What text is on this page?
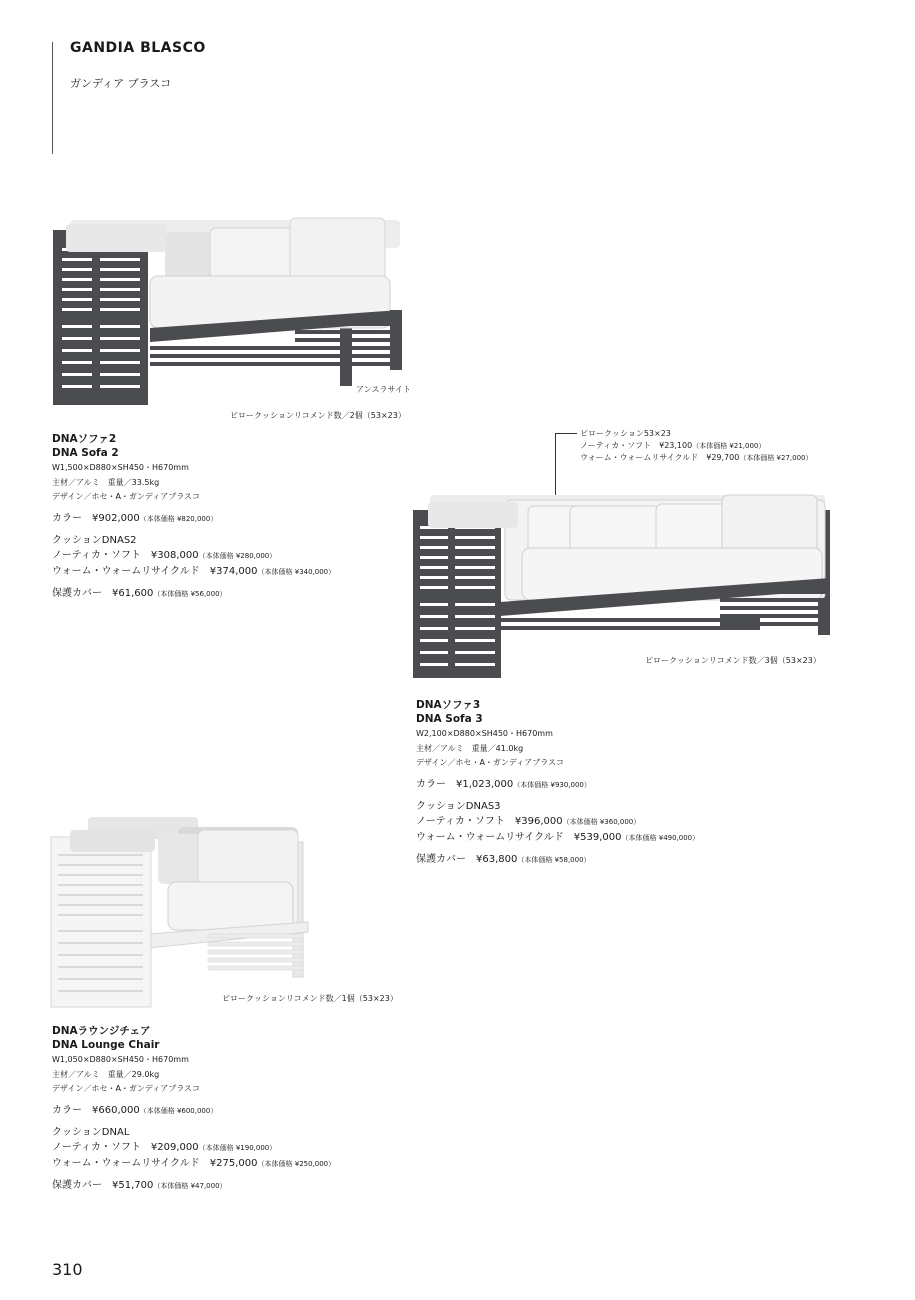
GANDIA BLASCO
ガンディア ブラスコ
アンスラサイト
ピロークッションリコメンド数／2個（53×23）
DNAソファ2
DNA Sofa 2
W1,500×D880×SH450・H670mm
主材／アルミ　重量／33.5kg
デザイン／ホセ・A・ガンディアブラスコ
カラー　¥902,000（本体価格 ¥820,000）
クッションDNAS2
ノーティカ・ソフト　¥308,000（本体価格 ¥280,000）
ウォーム・ウォームリサイクルド　¥374,000（本体価格 ¥340,000）
保護カバー　¥61,600（本体価格 ¥56,000）
ピロークッション53×23
ノーティカ・ソフト　¥23,100（本体価格 ¥21,000）
ウォーム・ウォームリサイクルド　¥29,700（本体価格 ¥27,000）
ピロークッションリコメンド数／3個（53×23）
DNAソファ3
DNA Sofa 3
W2,100×D880×SH450・H670mm
主材／アルミ　重量／41.0kg
デザイン／ホセ・A・ガンディアブラスコ
カラー　¥1,023,000（本体価格 ¥930,000）
クッションDNAS3
ノーティカ・ソフト　¥396,000（本体価格 ¥360,000）
ウォーム・ウォームリサイクルド　¥539,000（本体価格 ¥490,000）
保護カバー　¥63,800（本体価格 ¥58,000）
ピロークッションリコメンド数／1個（53×23）
DNAラウンジチェア
DNA Lounge Chair
W1,050×D880×SH450・H670mm
主材／アルミ　重量／29.0kg
デザイン／ホセ・A・ガンディアブラスコ
カラー　¥660,000（本体価格 ¥600,000）
クッションDNAL
ノーティカ・ソフト　¥209,000（本体価格 ¥190,000）
ウォーム・ウォームリサイクルド　¥275,000（本体価格 ¥250,000）
保護カバー　¥51,700（本体価格 ¥47,000）
310
